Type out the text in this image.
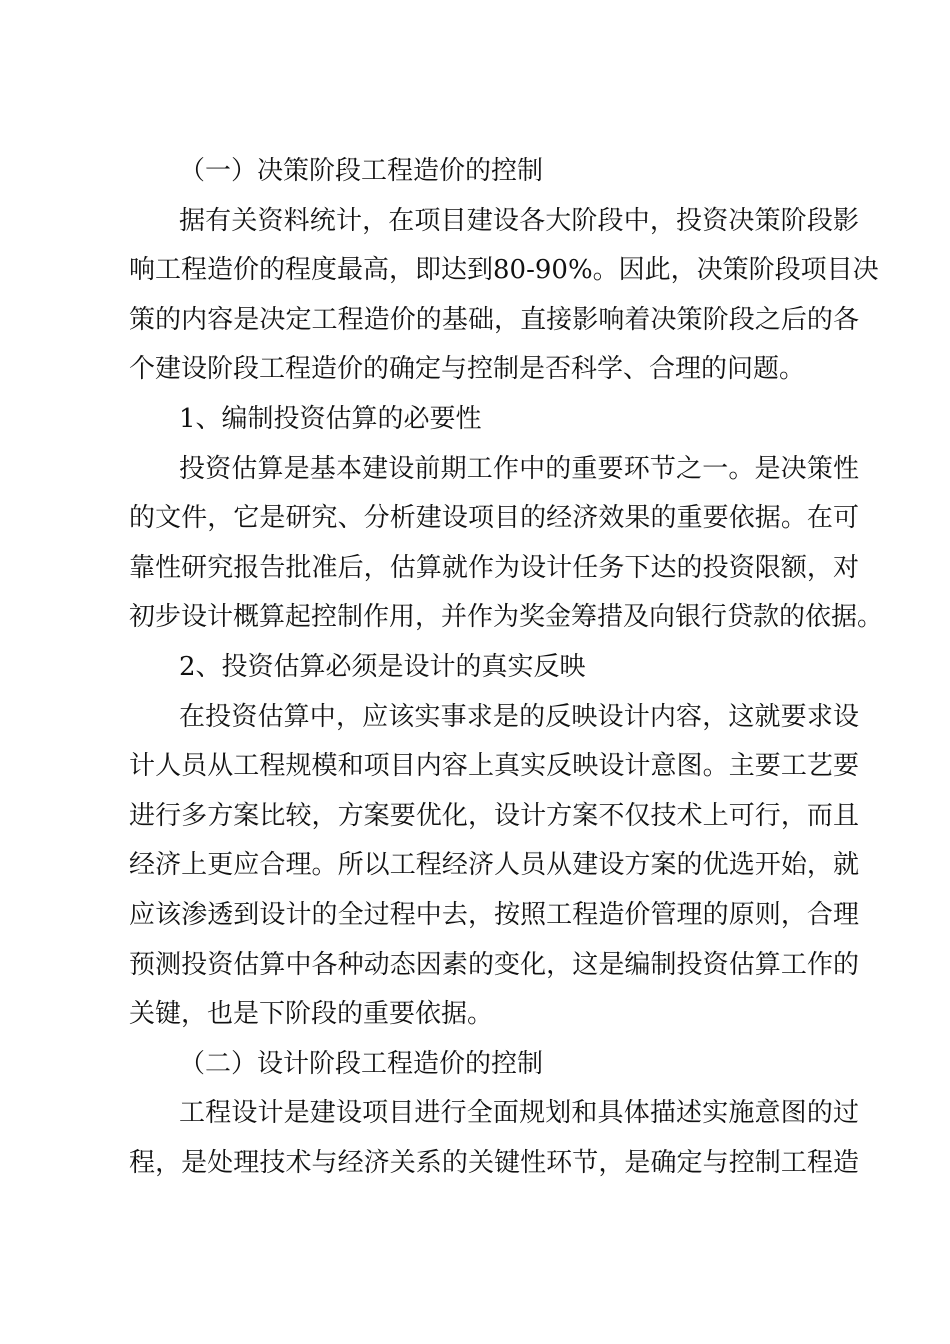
（一）决策阶段工程造价的控制
据有关资料统计，在项目建设各大阶段中，投资决策阶段影
响工程造价的程度最高，即达到80-90%。因此，决策阶段项目决
策的内容是决定工程造价的基础，直接影响着决策阶段之后的各
个建设阶段工程造价的确定与控制是否科学、合理的问题。
1、编制投资估算的必要性
投资估算是基本建设前期工作中的重要环节之一。是决策性
的文件，它是研究、分析建设项目的经济效果的重要依据。在可
靠性研究报告批准后，估算就作为设计任务下达的投资限额，对
初步设计概算起控制作用，并作为奖金筹措及向银行贷款的依据。
2、投资估算必须是设计的真实反映
在投资估算中，应该实事求是的反映设计内容，这就要求设
计人员从工程规模和项目内容上真实反映设计意图。主要工艺要
进行多方案比较，方案要优化，设计方案不仅技术上可行，而且
经济上更应合理。所以工程经济人员从建设方案的优选开始，就
应该渗透到设计的全过程中去，按照工程造价管理的原则，合理
预测投资估算中各种动态因素的变化，这是编制投资估算工作的
关键，也是下阶段的重要依据。
（二）设计阶段工程造价的控制
工程设计是建设项目进行全面规划和具体描述实施意图的过
程，是处理技术与经济关系的关键性环节，是确定与控制工程造
